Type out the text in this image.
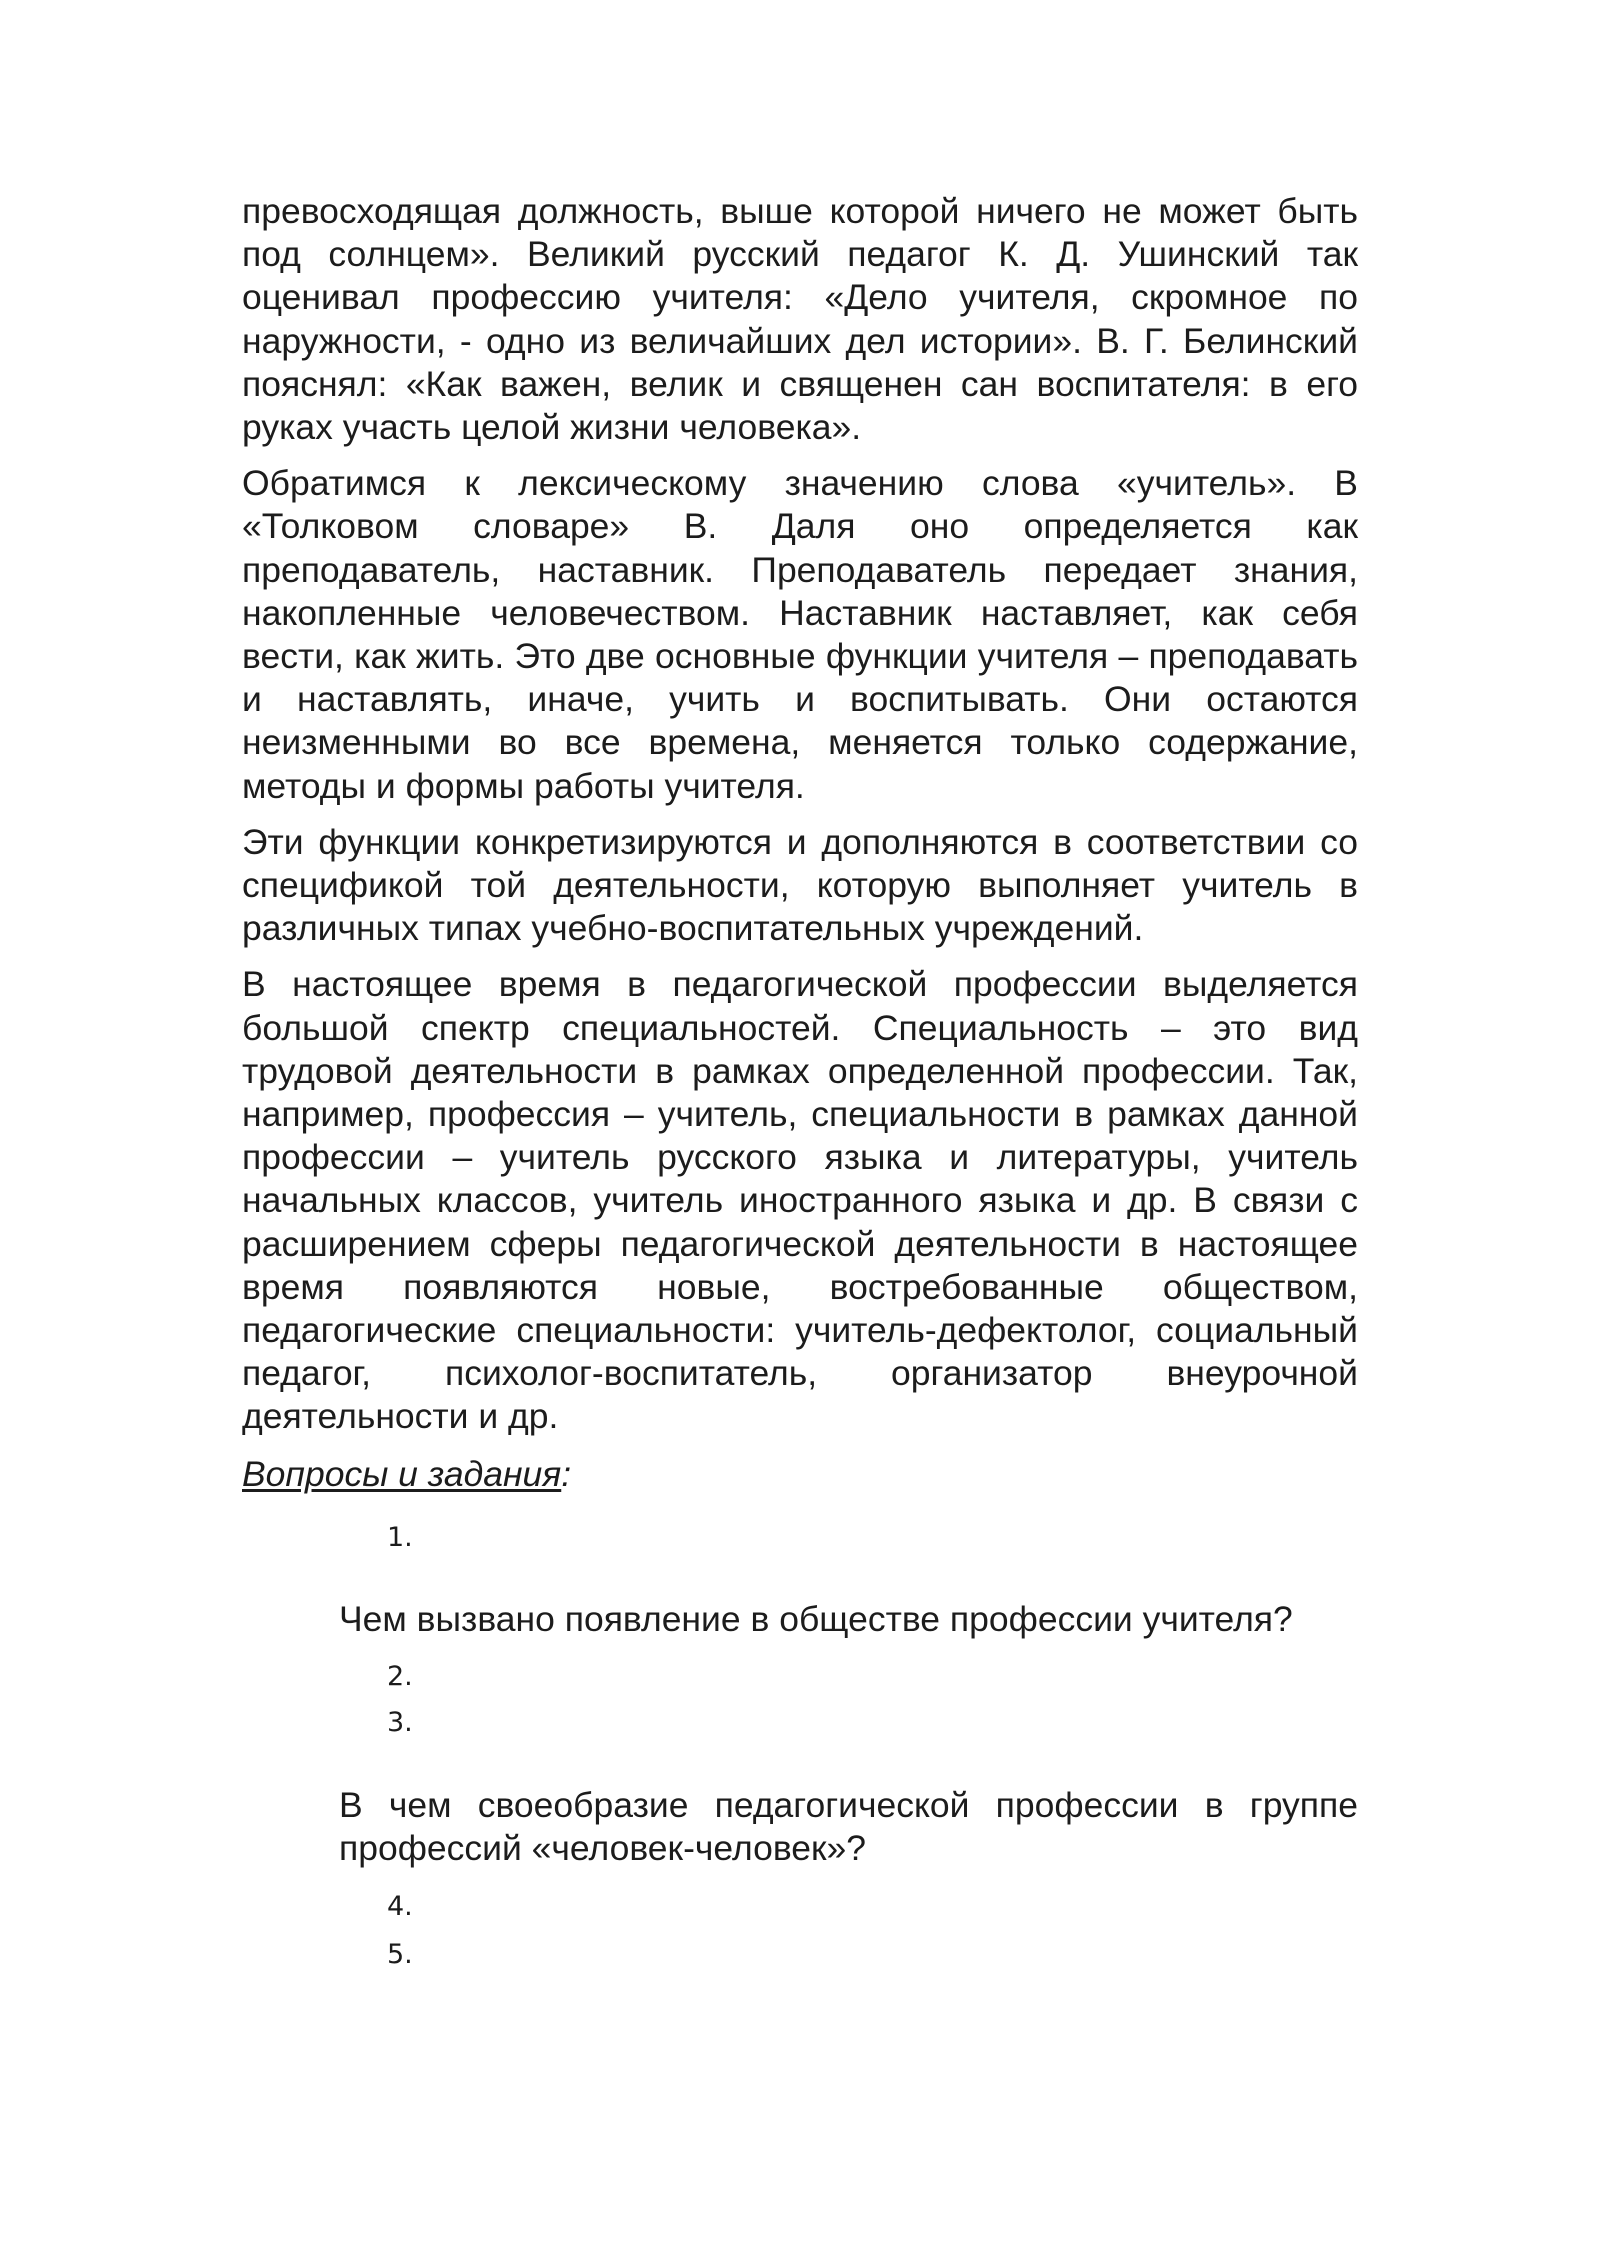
превосходящая должность, выше которой ничего не может быть под солнцем». Великий русский педагог К. Д. Ушинский так оценивал профессию учителя: «Дело учителя, скромное по наружности, - одно из величайших дел истории». В. Г. Белинский пояснял: «Как важен, велик и священен сан воспитателя: в его руках участь целой жизни человека».

Обратимся к лексическому значению слова «учитель». В «Толковом словаре» В. Даля оно определяется как преподаватель, наставник. Преподаватель передает знания, накопленные человечеством. Наставник наставляет, как себя вести, как жить. Это две основные функции учителя – преподавать и наставлять, иначе, учить и воспитывать. Они остаются неизменными во все времена, меняется только содержание, методы и формы работы учителя.

Эти функции конкретизируются и дополняются в соответствии со спецификой той деятельности, которую выполняет учитель в различных типах учебно-воспитательных учреждений.

В настоящее время в педагогической профессии выделяется большой спектр специальностей. Специальность – это вид трудовой деятельности в рамках определенной профессии. Так, например, профессия – учитель, специальности в рамках данной профессии – учитель русского языка и литературы, учитель начальных классов, учитель иностранного языка и др. В связи с расширением сферы педагогической деятельности в настоящее время появляются новые, востребованные обществом, педагогические специальности: учитель-дефектолог, социальный педагог, психолог-воспитатель, организатор внеурочной деятельности и др.

Вопросы и задания:

1.
Чем вызвано появление в обществе профессии учителя?
2.
3.
В чем своеобразие педагогической профессии в группе профессий «человек-человек»?
4.
5.
